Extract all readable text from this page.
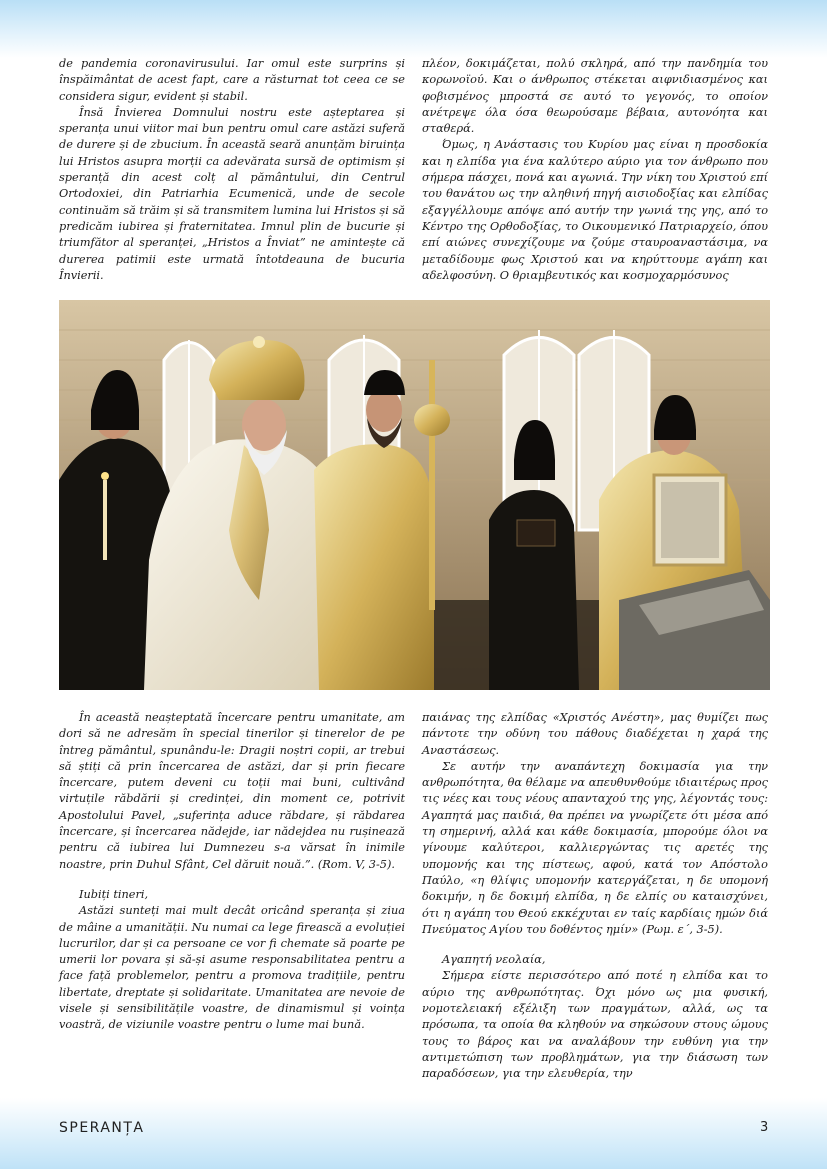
de pandemia coronavirusului. Iar omul este surprins și înspăimântat de acest fapt, care a răsturnat tot ceea ce se considera sigur, evident și stabil.

Însă Învierea Domnului nostru este așteptarea și speranța unui viitor mai bun pentru omul care astăzi suferă de durere și de zbucium. În această seară anunțăm biruința lui Hristos asupra morții ca adevărata sursă de optimism și speranță din acest colț al pământului, din Centrul Ortodoxiei, din Patriarhia Ecumenică, unde de secole continuăm să trăim și să transmitem lumina lui Hristos și să predicăm iubirea și fraternitatea. Imnul plin de bucurie și triumfător al speranței, „Hristos a Înviat” ne amintește că durerea patimii este urmată întotdeauna de bucuria Învierii.

πλέον, δοκιμάζεται, πολύ σκληρά, από την πανδημία του κορωνοϊού. Και ο άνθρωπος στέκεται αιφνιδιασμένος και φοβισμένος μπροστά σε αυτό το γεγονός, το οποίον ανέτρεψε όλα όσα θεωρούσαμε βέβαια, αυτονόητα και σταθερά.

Όμως, η Ανάστασις του Κυρίου μας είναι η προσδοκία και η ελπίδα για ένα καλύτερο αύριο για τον άνθρωπο που σήμερα πάσχει, πονά και αγωνιά. Την νίκη του Χριστού επί του θανάτου ως την αληθινή πηγή αισιοδοξίας και ελπίδας εξαγγέλλουμε απόψε από αυτήν την γωνιά της γης, από το Κέντρο της Ορθοδοξίας, το Οικουμενικό Πατριαρχείο, όπου επί αιώνες συνεχίζουμε να ζούμε σταυροαναστάσιμα, να μεταδίδουμε φως Χριστού και να κηρύττουμε αγάπη και αδελφοσύνη. Ο θριαμβευτικός και κοσμοχαρμόσυνος

În această neașteptată încercare pentru umanitate, am dori să ne adresăm în special tinerilor și tinerelor de pe întreg pământul, spunându-le: Dragii noștri copii, ar trebui să știți că prin încercarea de astăzi, dar și prin fiecare încercare, putem deveni cu toții mai buni, cultivând virtuțile răbdării și credinței, din moment ce, potrivit Apostolului Pavel, „suferința aduce răbdare, și răbdarea încercare, și încercarea nădejde, iar nădejdea nu rușinează pentru că iubirea lui Dumnezeu s-a vărsat în inimile noastre, prin Duhul Sfânt, Cel dăruit nouă.”. (Rom. V, 3-5).

Iubiți tineri,

Astăzi sunteți mai mult decât oricând speranța și ziua de mâine a umanității. Nu numai ca lege firească a evoluției lucrurilor, dar și ca persoane ce vor fi chemate să poarte pe umerii lor povara și să-și asume responsabilitatea pentru a face față problemelor, pentru a promova tradițiile, pentru libertate, dreptate și solidaritate. Umanitatea are nevoie de visele și sensibilitățile voastre, de dinamismul și voința voastră, de viziunile voastre pentru o lume mai bună.

παιάνας της ελπίδας «Χριστός Ανέστη», μας θυμίζει πως πάντοτε την οδύνη του πάθους διαδέχεται η χαρά της Αναστάσεως.

Σε αυτήν την αναπάντεχη δοκιμασία για την ανθρωπότητα, θα θέλαμε να απευθυνθούμε ιδιαιτέρως προς τις νέες και τους νέους απανταχού της γης, λέγοντάς τους: Αγαπητά μας παιδιά, θα πρέπει να γνωρίζετε ότι μέσα από τη σημερινή, αλλά και κάθε δοκιμασία, μπορούμε όλοι να γίνουμε καλύτεροι, καλλιεργώντας τις αρετές της υπομονής και της πίστεως, αφού, κατά τον Απόστολο Παύλο, «η θλίψις υπομονήν κατεργάζεται, η δε υπομονή δοκιμήν, η δε δοκιμή ελπίδα, η δε ελπίς ου καταισχύνει, ότι η αγάπη του Θεού εκκέχυται εν ταίς καρδίαις ημών διά Πνεύματος Αγίου του δοθέντος ημίν» (Ρωμ. ε΄, 3-5).

Αγαπητή νεολαία,

Σήμερα είστε περισσότερο από ποτέ η ελπίδα και το αύριο της ανθρωπότητας. Όχι μόνο ως μια φυσική, νομοτελειακή εξέλιξη των πραγμάτων, αλλά, ως τα πρόσωπα, τα οποία θα κληθούν να σηκώσουν στους ώμους τους το βάρος και να αναλάβουν την ευθύνη για την αντιμετώπιση των προβλημάτων, για την διάσωση των παραδόσεων, για την ελευθερία, την

SPERANȚA	3
